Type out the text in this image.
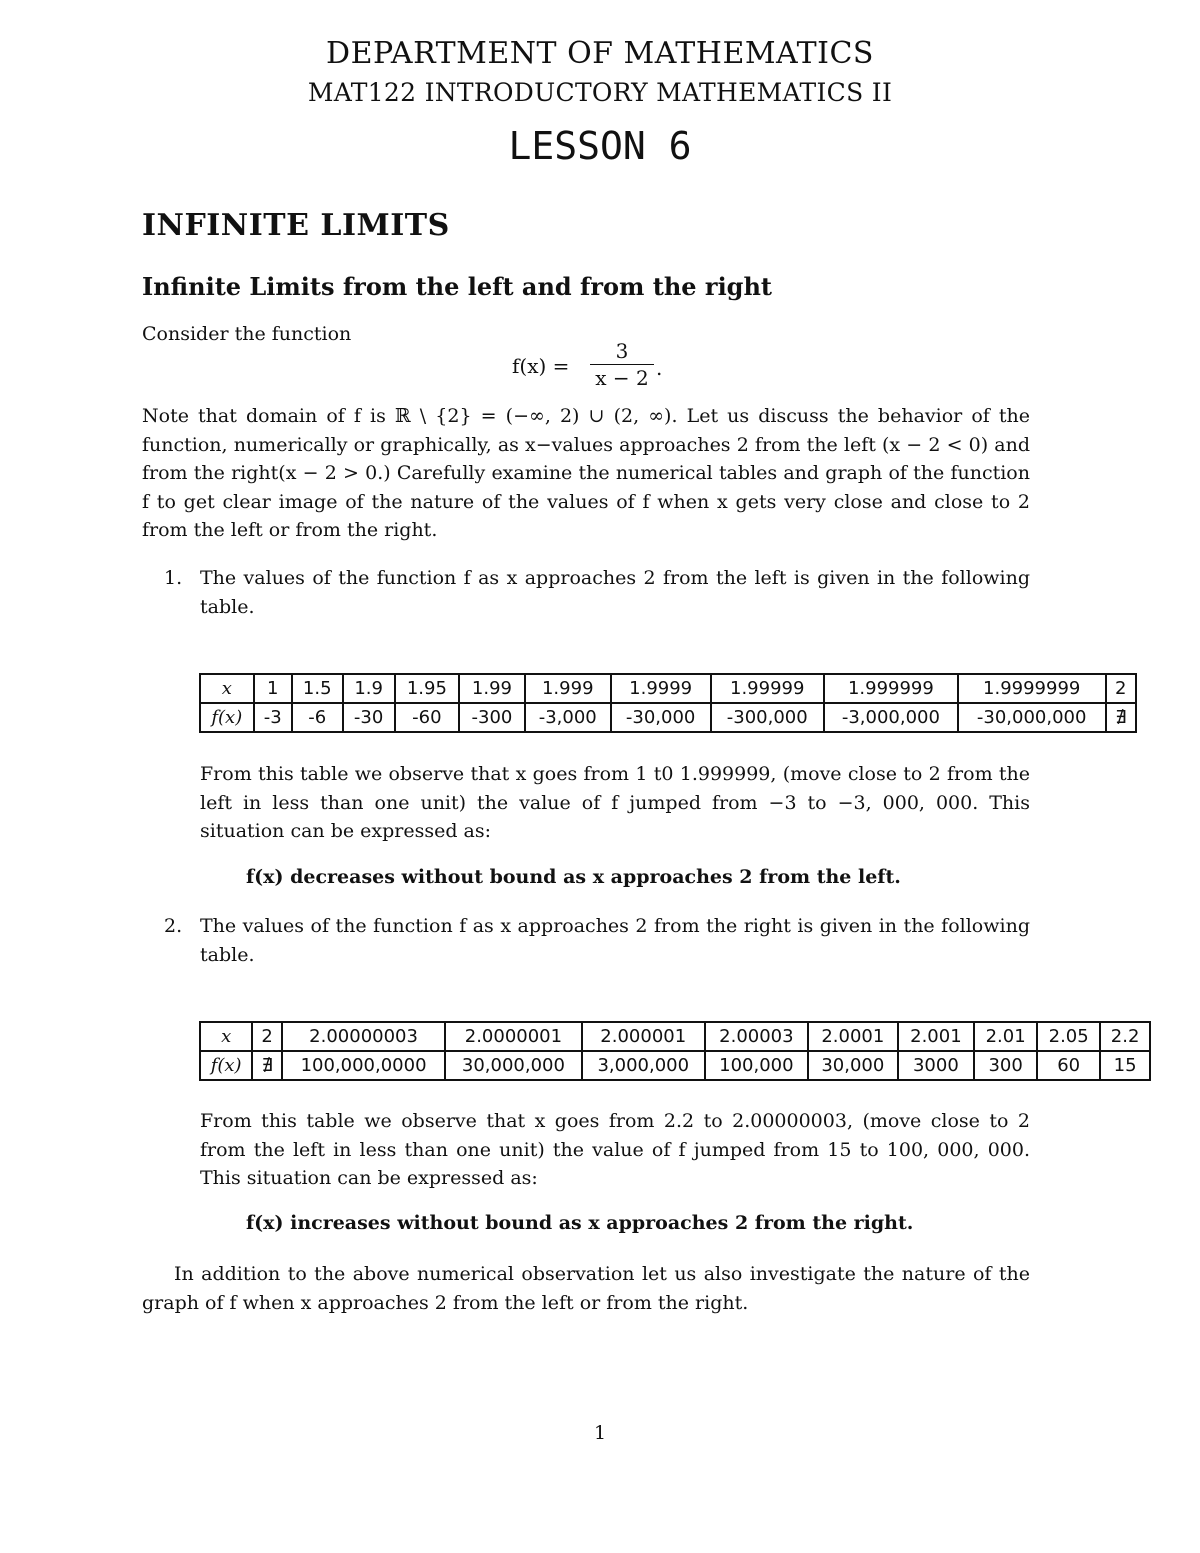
DEPARTMENT OF MATHEMATICS
MAT122 INTRODUCTORY MATHEMATICS II
LESSON 6
INFINITE LIMITS
Infinite Limits from the left and from the right
Consider the function
f(x) =
3
x − 2 .
Note that domain of f is ℝ \ {2} = (−∞, 2) ∪ (2, ∞). Let us discuss the behavior of the function, numerically or graphically, as x−values approaches 2 from the left (x − 2 < 0) and from the right(x − 2 > 0.) Carefully examine the numerical tables and graph of the function f to get clear image of the nature of the values of f when x gets very close and close to 2 from the left or from the right.
1. The values of the function f as x approaches 2 from the left is given in the following table.
x	1	1.5	1.9	1.95	1.99	1.999	1.9999	1.99999	1.999999	1.9999999	2
f(x)	-3	-6	-30	-60	-300	-3,000	-30,000	-300,000	-3,000,000	-30,000,000	∄
From this table we observe that x goes from 1 t0 1.999999, (move close to 2 from the left in less than one unit) the value of f jumped from −3 to −3, 000, 000. This situation can be expressed as:
f(x) decreases without bound as x approaches 2 from the left.
2. The values of the function f as x approaches 2 from the right is given in the following table.
x	2	2.00000003	2.0000001	2.000001	2.00003	2.0001	2.001	2.01	2.05	2.2
f(x)	∄	100,000,0000	30,000,000	3,000,000	100,000	30,000	3000	300	60	15
From this table we observe that x goes from 2.2 to 2.00000003, (move close to 2 from the left in less than one unit) the value of f jumped from 15 to 100, 000, 000. This situation can be expressed as:
f(x) increases without bound as x approaches 2 from the right.
In addition to the above numerical observation let us also investigate the nature of the graph of f when x approaches 2 from the left or from the right.
1
